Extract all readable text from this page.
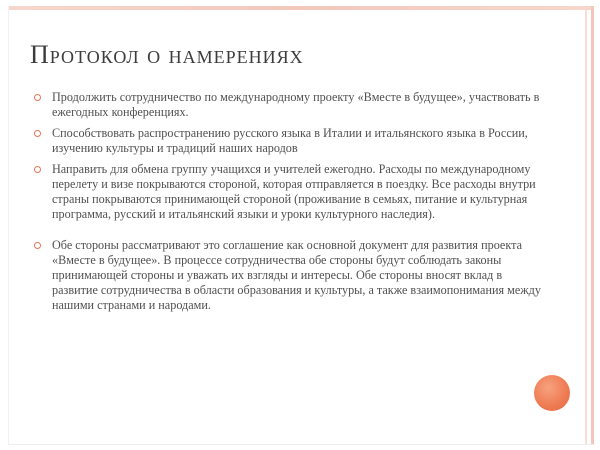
Протокол о намерениях
Продолжить сотрудничество по международному проекту «Вместе в будущее», участвовать в ежегодных конференциях.
Способствовать распространению русского языка в Италии и итальянского языка в России, изучению культуры и традиций наших народов
Направить для обмена группу учащихся и учителей ежегодно. Расходы по международному перелету и визе покрываются стороной, которая отправляется в поездку. Все расходы внутри страны покрываются принимающей стороной (проживание в семьях, питание и культурная программа, русский и итальянский языки и уроки культурного наследия).
Обе стороны рассматривают это соглашение как основной документ для развития проекта «Вместе в будущее». В процессе сотрудничества обе стороны будут соблюдать законы принимающей стороны и уважать их взгляды и интересы. Обе стороны вносят вклад в развитие сотрудничества в области образования и культуры, а также взаимопонимания между нашими странами и народами.
